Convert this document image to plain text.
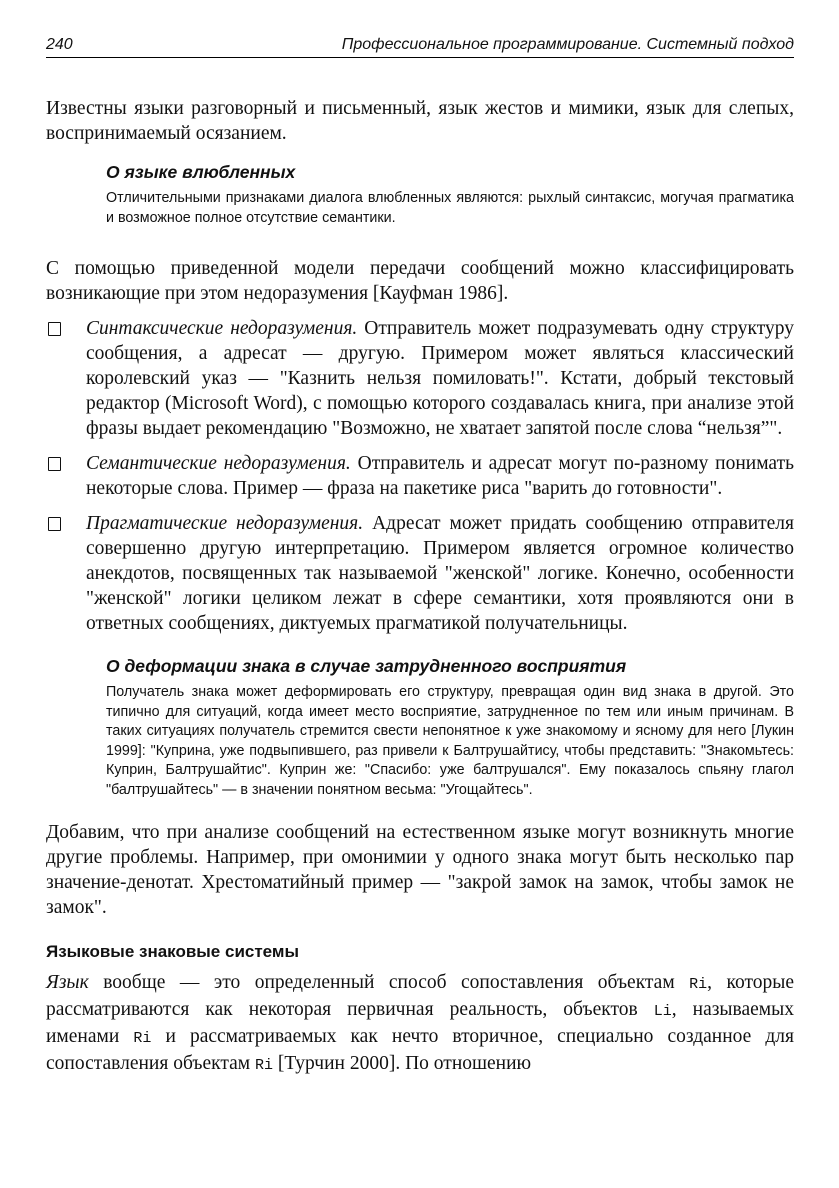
240	Профессиональное программирование. Системный подход

Известны языки разговорный и письменный, язык жестов и мимики, язык для слепых, воспринимаемый осязанием.

О языке влюбленных

Отличительными признаками диалога влюбленных являются: рыхлый синтаксис, могучая прагматика и возможное полное отсутствие семантики.

С помощью приведенной модели передачи сообщений можно классифицировать возникающие при этом недоразумения [Кауфман 1986].

Синтаксические недоразумения. Отправитель может подразумевать одну структуру сообщения, а адресат — другую. Примером может являться классический королевский указ — "Казнить нельзя помиловать!". Кстати, добрый текстовый редактор (Microsoft Word), с помощью которого создавалась книга, при анализе этой фразы выдает рекомендацию "Возможно, не хватает запятой после слова “нельзя”".
Семантические недоразумения. Отправитель и адресат могут по-разному понимать некоторые слова. Пример — фраза на пакетике риса "варить до готовности".
Прагматические недоразумения. Адресат может придать сообщению отправителя совершенно другую интерпретацию. Примером является огромное количество анекдотов, посвященных так называемой "женской" логике. Конечно, особенности "женской" логики целиком лежат в сфере семантики, хотя проявляются они в ответных сообщениях, диктуемых прагматикой получательницы.

О деформации знака в случае затрудненного восприятия

Получатель знака может деформировать его структуру, превращая один вид знака в другой. Это типично для ситуаций, когда имеет место восприятие, затрудненное по тем или иным причинам. В таких ситуациях получатель стремится свести непонятное к уже знакомому и ясному для него [Лукин 1999]: "Куприна, уже подвыпившего, раз привели к Балтрушайтису, чтобы представить: "Знакомьтесь: Куприн, Балтрушайтис". Куприн же: "Спасибо: уже балтрушался". Ему показалось спьяну глагол "балтрушайтесь" — в значении понятном весьма: "Угощайтесь".

Добавим, что при анализе сообщений на естественном языке могут возникнуть многие другие проблемы. Например, при омонимии у одного знака могут быть несколько пар значение-денотат. Хрестоматийный пример — "закрой замок на замок, чтобы замок не замок".

Языковые знаковые системы

Язык вообще — это определенный способ сопоставления объектам Ri, которые рассматриваются как некоторая первичная реальность, объектов Li, называемых именами Ri и рассматриваемых как нечто вторичное, специально созданное для сопоставления объектам Ri [Турчин 2000]. По отношению
